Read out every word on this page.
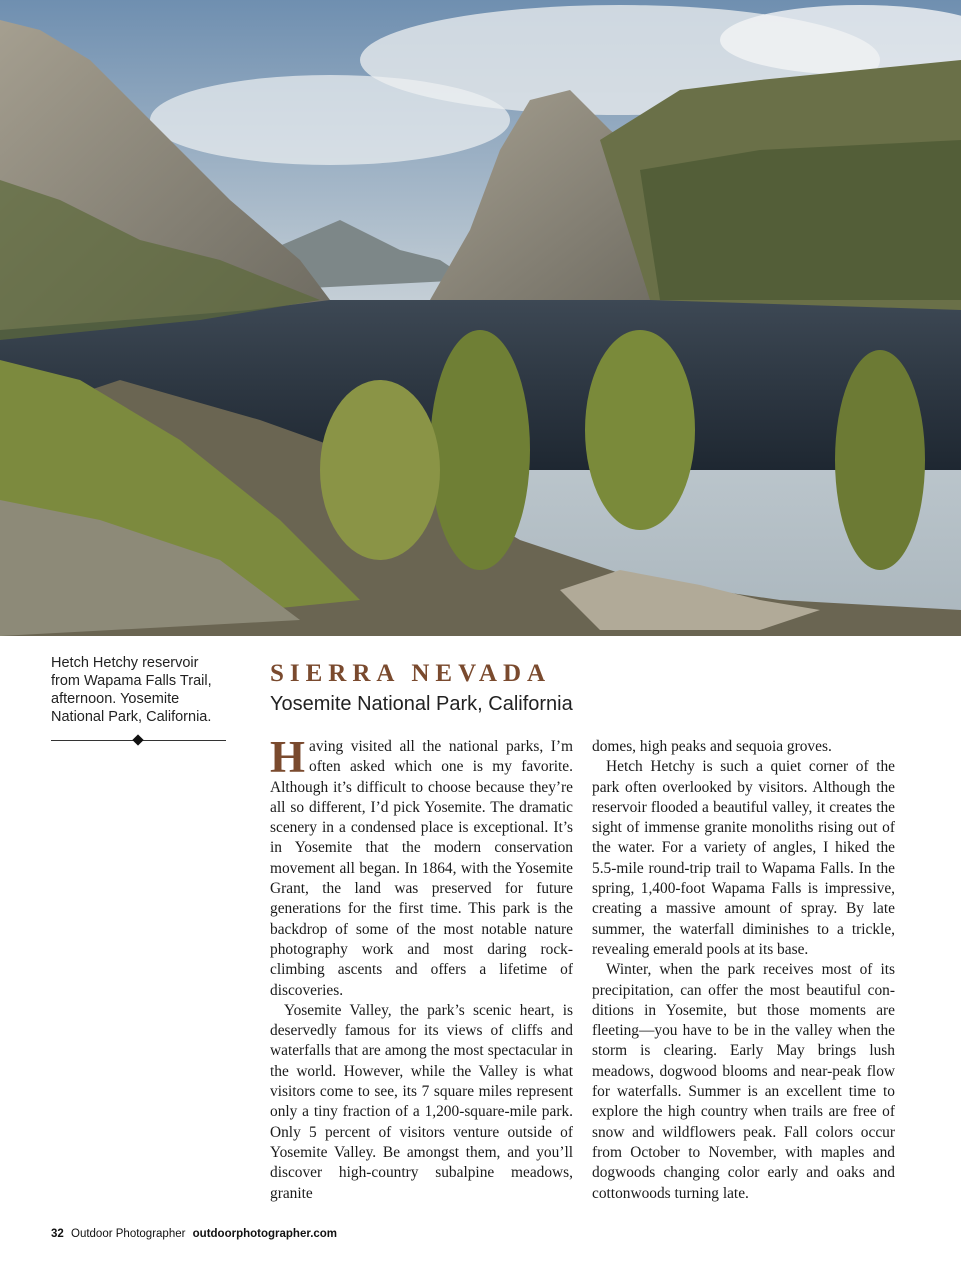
Hetch Hetchy reservoir from Wapama Falls Trail, afternoon. Yosemite National Park, California.
SIERRA NEVADA
Yosemite National Park, California

Having visited all the national parks, I’m often asked which one is my favorite. Although it’s difficult to choose because they’re all so different, I’d pick Yosemite. The dramatic scenery in a condensed place is exceptional. It’s in Yosemite that the modern conservation movement all began. In 1864, with the Yosemite Grant, the land was preserved for future generations for the first time. This park is the backdrop of some of the most notable nature photography work and most daring rock-climbing ascents and offers a lifetime of discoveries.

Yosemite Valley, the park’s scenic heart, is deservedly famous for its views of cliffs and waterfalls that are among the most spectacular in the world. However, while the Valley is what visitors come to see, its 7 square miles represent only a tiny fraction of a 1,200-square-mile park. Only 5 percent of visitors venture outside of Yosemite Valley. Be amongst them, and you’ll discover high-country subalpine meadows, granite

domes, high peaks and sequoia groves.

Hetch Hetchy is such a quiet corner of the park often overlooked by visitors. Although the reservoir flooded a beautiful valley, it creates the sight of immense granite monoliths rising out of the water. For a variety of angles, I hiked the 5.5-mile round-trip trail to Wapama Falls. In the spring, 1,400-foot Wapama Falls is impressive, creating a massive amount of spray. By late summer, the waterfall diminishes to a trickle, revealing emerald pools at its base.

Winter, when the park receives most of its precipitation, can offer the most beautiful conditions in Yosemite, but those moments are fleeting—you have to be in the valley when the storm is clearing. Early May brings lush meadows, dogwood blooms and near-peak flow for waterfalls. Summer is an excellent time to explore the high country when trails are free of snow and wildflowers peak. Fall colors occur from October to November, with maples and dogwoods changing color early and oaks and cottonwoods turning late.

32 Outdoor Photographer outdoorphotographer.com
